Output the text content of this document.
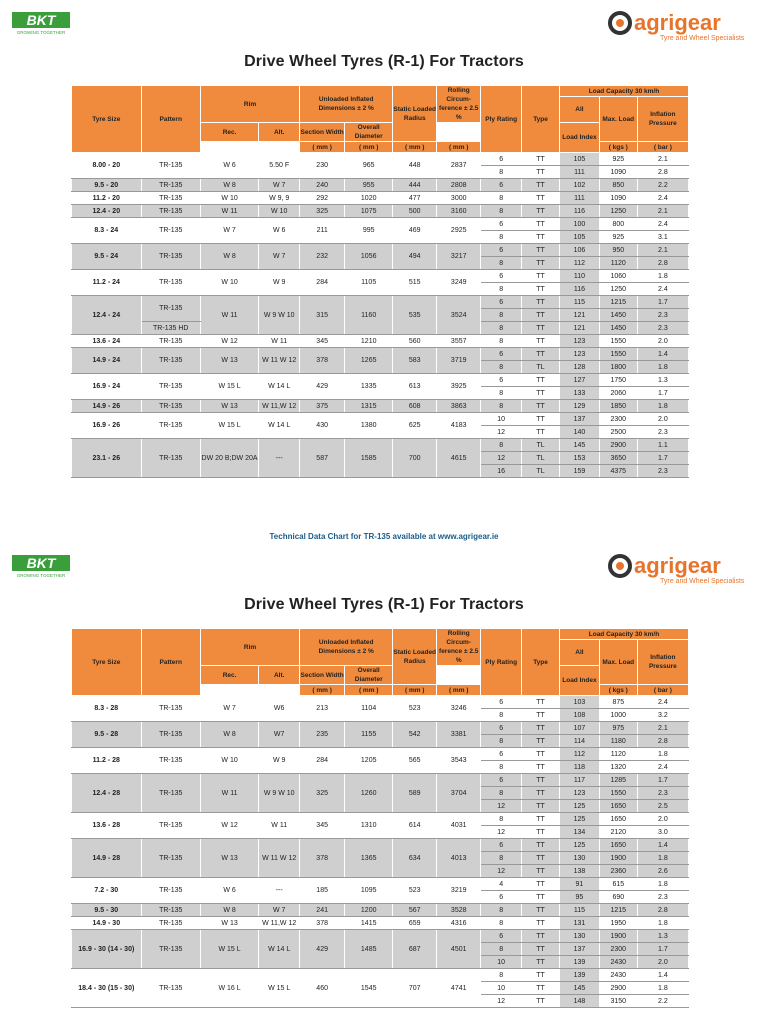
BKT
GROWING TOGETHER	agrigear
Tyre and Wheel Specialists
Drive Wheel Tyres (R-1) For Tractors
Tyre Size	Pattern	Rim		Unloaded Inflated Dimensions ± 2 %		Static Loaded Radius	Rolling Circum- ference ± 2.5 %	Ply Rating	Type	Load Capacity 30 km/h		

										All	Max. Load	Inflation Pressure
		Rec.	Alt.	Section Width	Overall Diameter							
										Load Index		
				( mm )	( mm )	( mm )	( mm )				( kgs )	( bar )
8.00 - 20	TR-135	W 6	5.50 F	230	965	448	2837	6	TT	105	925	2.1
								8	TT	111	1090	2.8
9.5 - 20	TR-135	W 8	W 7	240	955	444	2808	6	TT	102	850	2.2
11.2 - 20	TR-135	W 10	W 9, 9	292	1020	477	3000	8	TT	111	1090	2.4
12.4 - 20	TR-135	W 11	W 10	325	1075	500	3160	8	TT	116	1250	2.1
8.3 - 24	TR-135	W 7	W 6	211	995	469	2925	6	TT	100	800	2.4
								8	TT	105	925	3.1
9.5 - 24	TR-135	W 8	W 7	232	1056	494	3217	6	TT	106	950	2.1
								8	TT	112	1120	2.8
11.2 - 24	TR-135	W 10	W 9	284	1105	515	3249	6	TT	110	1060	1.8
								8	TT	116	1250	2.4
12.4 - 24	TR-135	W 11	W 9 W 10	315	1160	535	3524	6	TT	115	1215	1.7
								8	TT	121	1450	2.3
	TR-135 HD							8	TT	121	1450	2.3
13.6 - 24	TR-135	W 12	W 11	345	1210	560	3557	8	TT	123	1550	2.0
14.9 - 24	TR-135	W 13	W 11 W 12	378	1265	583	3719	6	TT	123	1550	1.4
								8	TL	128	1800	1.8
16.9 - 24	TR-135	W 15 L	W 14 L	429	1335	613	3925	6	TT	127	1750	1.3
								8	TT	133	2060	1.7
14.9 - 26	TR-135	W 13	W 11,W 12	375	1315	608	3863	8	TT	129	1850	1.8
16.9 - 26	TR-135	W 15 L	W 14 L	430	1380	625	4183	10	TT	137	2300	2.0
								12	TT	140	2500	2.3
23.1 - 26	TR-135	DW 20 B;DW 20A	---	587	1585	700	4615	8	TL	145	2900	1.1
								12	TL	153	3650	1.7
								16	TL	159	4375	2.3
Technical Data Chart for TR-135 available at www.agrigear.ie
BKT
GROWING TOGETHER	agrigear
Tyre and Wheel Specialists
Drive Wheel Tyres (R-1) For Tractors
Tyre Size	Pattern	Rim		Unloaded Inflated Dimensions ± 2 %		Static Loaded Radius	Rolling Circum- ference ± 2.5 %	Ply Rating	Type	Load Capacity 30 km/h		

										All	Max. Load	Inflation Pressure
		Rec.	Alt.	Section Width	Overall Diameter							
										Load Index		
				( mm )	( mm )	( mm )	( mm )				( kgs )	( bar )
8.3 - 28	TR-135	W 7	W6	213	1104	523	3246	6	TT	103	875	2.4
								8	TT	108	1000	3.2
9.5 - 28	TR-135	W 8	W7	235	1155	542	3381	6	TT	107	975	2.1
								8	TT	114	1180	2.8
11.2 - 28	TR-135	W 10	W 9	284	1205	565	3543	6	TT	112	1120	1.8
								8	TT	118	1320	2.4
12.4 - 28	TR-135	W 11	W 9 W 10	325	1260	589	3704	6	TT	117	1285	1.7
								8	TT	123	1550	2.3
								12	TT	125	1650	2.5
13.6 - 28	TR-135	W 12	W 11	345	1310	614	4031	8	TT	125	1650	2.0
								12	TT	134	2120	3.0
14.9 - 28	TR-135	W 13	W 11 W 12	378	1365	634	4013	6	TT	125	1650	1.4
								8	TT	130	1900	1.8
								12	TT	138	2360	2.6
7.2 - 30	TR-135	W 6	---	185	1095	523	3219	4	TT	91	615	1.8
								6	TT	95	690	2.3
9.5 - 30	TR-135	W 8	W 7	241	1200	567	3528	8	TT	115	1215	2.8
14.9 - 30	TR-135	W 13	W 11,W 12	378	1415	659	4316	8	TT	131	1950	1.8
16.9 - 30 (14 - 30)	TR-135	W 15 L	W 14 L	429	1485	687	4501	6	TT	130	1900	1.3
								8	TT	137	2300	1.7
								10	TT	139	2430	2.0
18.4 - 30 (15 - 30)	TR-135	W 16 L	W 15 L	460	1545	707	4741	8	TT	139	2430	1.4
								10	TT	145	2900	1.8
								12	TT	148	3150	2.2
